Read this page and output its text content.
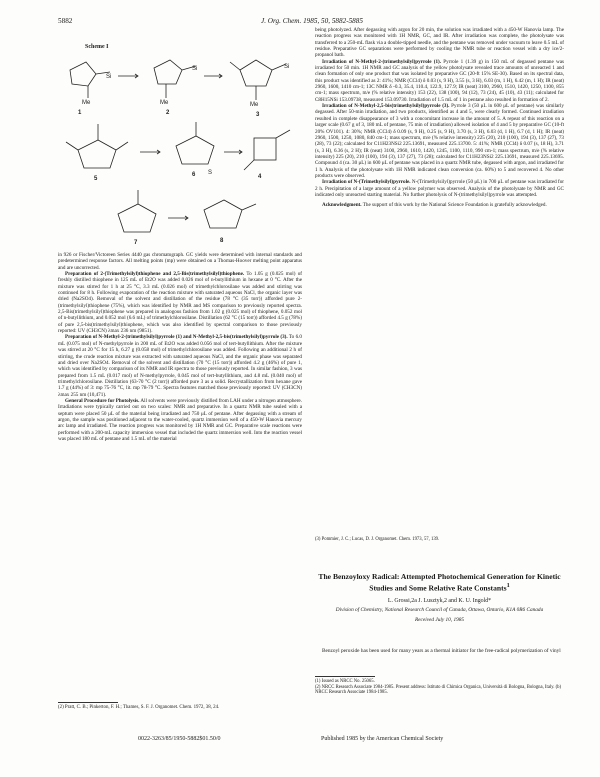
5882	J. Org. Chem. 1985, 50, 5882-5885
Scheme I
Si
Me
1
Si
Me
2
Si
Me
3
4
5
6
7	8
S

in 926 or Fischer/Victoreen Series 4440 gas chromatograph. GC yields were determined with internal standards and predetermined response factors. All melting points (mp) were obtained on a Thomas-Hoover melting point apparatus and are uncorrected.

Preparation of 2-(Trimethylsilyl)thiophene and 2,5-Bis(trimethylsilyl)thiophene. To 1.05 g (0.025 mol) of freshly distilled thiophene in 125 mL of Et2O was added 0.026 mol of n-butyllithium in hexane at 0 °C. After the mixture was stirred for 1 h at 25 °C, 3.3 mL (0.026 mol) of trimethylchlorosilane was added and stirring was continued for 8 h. Following evaporation of the reaction mixture with saturated aqueous NaCl, the organic layer was dried (Na2SO4). Removal of the solvent and distillation of the residue (78 °C (35 torr)) afforded pure 2-(trimethylsilyl)thiophene (75%), which was identified by NMR and MS comparison to previously reported spectra. 2,5-Bis(trimethylsilyl)thiophene was prepared in analogous fashion from 1.02 g (0.025 mol) of thiophene, 0.052 mol of n-butyllithium, and 0.052 mol (6.6 mL) of trimethylchlorosilane. Distillation (62 °C (15 torr)) afforded 4.5 g (78%) of pure 2,5-bis(trimethylsilyl)thiophene, which was also identified by spectral comparison to those previously reported: UV (CH3CN) λmax 236 nm (9851).

Preparation of N-Methyl-2-(trimethylsilyl)pyrrole (1) and N-Methyl-2,5-bis(trimethylsilyl)pyrrole (3). To 6.0 mL (0.075 mol) of N-methylpyrrole in 200 mL of Et2O was added 0.056 mol of tert-butyllithium. After the mixture was stirred at 20 °C for 15 h, 6.27 g (0.058 mol) of trimethylchlorosilane was added. Following an additional 2 h of stirring, the crude reaction mixture was extracted with saturated aqueous NaCl, and the organic phase was separated and dried over Na2SO4. Removal of the solvent and distillation (70 °C (15 torr)) afforded 4.2 g (46%) of pure 1, which was identified by comparison of its NMR and IR spectra to those previously reported. In similar fashion, 3 was prepared from 1.5 mL (0.017 mol) of N-methylpyrrole, 0.045 mol of tert-butyllithium, and 4.8 mL (0.040 mol) of trimethylchlorosilane. Distillation (63-70 °C (2 torr)) afforded pure 3 as a solid. Recrystallization from hexane gave 1.7 g (44%) of 3: mp 75-76 °C, lit. mp 78-79 °C. Spectra features matched those previously reported: UV (CH3CN) λmax 255 nm (10,471).

General Procedure for Photolysis. All solvents were previously distilled from LAH under a nitrogen atmosphere. Irradiations were typically carried out on two scales: NMR and preparative. In a quartz NMR tube sealed with a septum were placed 50 μL of the material being irradiated and 750 μL of pentane. After degassing with a stream of argon, the sample was positioned adjacent to the water-cooled, quartz immersion well of a 450-W Hanovia mercury arc lamp and irradiated. The reaction progress was monitored by 1H NMR and GC. Preparative scale reactions were performed with a 200-mL capacity immersion vessel that included the quartz immersion well. Into the reaction vessel was placed 180 mL of pentane and 1.5 mL of the material

(2) Pratt, C. B.; Pinkerton, F. H.; Thames, S. F. J. Organomet. Chem. 1972, 38, 24.

being photolyzed. After degassing with argon for 20 min, the solution was irradiated with a 450-W Hanovia lamp. The reaction progress was monitored with 1H NMR, GC, and IR. After irradiation was complete, the photolysate was transferred to a 250-mL flask via a double-tipped needle, and the pentane was removed under vacuum to leave 0.5 mL of residue. Preparative GC separations were performed by cooling the NMR tube or reaction vessel with a dry ice/2-propanol bath.

Irradiation of N-Methyl-2-(trimethylsilyl)pyrrole (1). Pyrrole 1 (1.39 g) in 150 mL of degassed pentane was irradiated for 50 min. 1H NMR and GC analysis of the yellow photolysate revealed trace amounts of unreacted 1 and clean formation of only one product that was isolated by preparative GC (20-ft 15% SE-30). Based on its spectral data, this product was identified as 2: 41%; NMR (CCl4) δ 0.03 (s, 9 H), 3.55 (s, 3 H), 6.03 (m, 1 H), 6.42 (m, 1 H); IR (neat) 2960, 1600, 1410 cm-1; 13C NMR δ -0.3, 35.4, 110.4, 122.9, 127.9; IR (neat) 3100, 2960, 1510, 1420, 1250, 1100, 855 cm-1; mass spectrum, m/e (% relative intensity) 153 (22), 138 (100), 94 (12), 73 (24), 45 (10), 43 (11); calculated for C8H15NSi 153.09738, measured 153.09730. Irradiation of 1.5 mL of 1 in pentane also resulted in formation of 2.

Irradiation of N-Methyl-2,5-bis(trimethylsilyl)pyrrole (3). Pyrrole 3 (50 μL in 600 μL of pentane) was similarly degassed. After 50-min irradiation, and two products, identified as 4 and 5, were clearly formed. Continued irradiation resulted in complete disappearance of 3 with a concomitant increase in the amount of 5. A repeat of this reaction on a larger scale (0.67 g of 3, 180 mL of pentane, 75 min of irradiation) allowed isolation of 4 and 5 by preparative GC (10-ft 20% OV101). 4: 30%; NMR (CCl4) δ 0.09 (s, 9 H), 0.25 (s, 9 H), 3.70 (s, 3 H), 6.03 (d, 1 H), 6.7 (d, 1 H); IR (neat) 2960, 1500, 1250, 1080, 840 cm-1; mass spectrum, m/e (% relative intensity) 225 (20), 210 (100), 194 (3), 137 (27), 73 (28), 73 (22); calculated for C11H23NSi2 225.13691, measured 225.13700. 5: 41%; NMR (CCl4) δ 0.07 (s, 18 H), 3.71 (s, 3 H), 6.36 (s, 2 H); IR (neat) 3100, 2960, 1610, 1420, 1245, 1100, 1110, 990 cm-1; mass spectrum, m/e (% relative intensity) 225 (20), 210 (100), 194 (3), 137 (27), 73 (28); calculated for C11H23NSi2 225.13691, measured 225.13695. Compound 4 (ca. 30 μL) in 600 μL of pentane was placed in a quartz NMR tube, degassed with argon, and irradiated for 1 h. Analysis of the photolysate with 1H NMR indicated clean conversion (ca. 60%) to 5 and recovered 4. No other products were observed.

Irradiation of N-(Trimethylsilyl)pyrrole. N-(Trimethylsilyl)pyrrole (50 μL) in 700 μL of pentane was irradiated for 2 h. Precipitation of a large amount of a yellow polymer was observed. Analysis of the photolysate by NMR and GC indicated only unreacted starting material. No further photolysis of N-(trimethylsilyl)pyrrole was attempted.

Acknowledgment. The support of this work by the National Science Foundation is gratefully acknowledged.

(3) Pommier, J. C.; Lucas, D. J. Organomet. Chem. 1973, 57, 139.
The Benzoyloxy Radical: Attempted Photochemical Generation for Kinetic Studies and Some Relative Rate Constants$^1$
L. Grossi,2a J. Lusztyk,2 and K. U. Ingold*
Division of Chemistry, National Research Council of Canada, Ottawa, Ontario, K1A 0R6 Canada
Received July 10, 1985
Benzoyl peroxide has been used for many years as a thermal initiator for the free-radical polymerization of vinyl
(1) Issued as NRCC No. 25065.
(2) NRCC Research Associate 1984-1985. Present address: Istituto di Chimica Organica, Università di Bologna, Bologna, Italy. (b) NRCC Research Associate 1984-1985.
0022-3263/85/1950-5882$01.50/0	Published 1985 by the American Chemical Society
